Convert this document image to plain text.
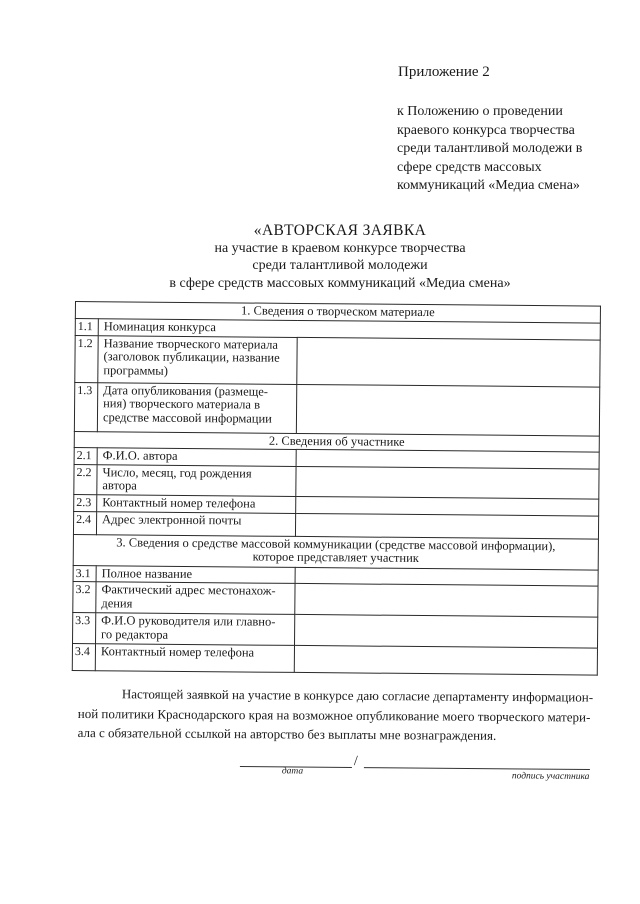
Приложение 2
к Положению о проведении
краевого конкурса творчества
среди талантливой молодежи в
сфере средств массовых
коммуникаций «Медиа смена»
«АВТОРСКАЯ ЗАЯВКА
на участие в краевом конкурсе творчества
среди талантливой молодежи
в сфере средств массовых коммуникаций «Медиа смена»
1. Сведения о творческом материале		
1.1	Номинация конкурса	

1.2	Название творческого материала
(заголовок публикации, название
программы)	

1.3	Дата опубликования (размеще-
ния) творческого материала в
средстве массовой информации	

2. Сведения об участнике		
2.1	Ф.И.О. автора	

2.2	Число, месяц, год рождения
автора	

2.3	Контактный номер телефона	

2.4	Адрес электронной почты	

3. Сведения о средстве массовой коммуникации (средстве массовой информации),
которое представляет участник		

3.1	Полное название	

3.2	Фактический адрес местонахож-
дения	

3.3	Ф.И.О руководителя или главно-
го редактора	

3.4	Контактный номер телефона	

Настоящей заявкой на участие в конкурсе даю согласие департаменту информацион-
ной политики Краснодарского края на возможное опубликование моего творческого матери-
ала с обязательной ссылкой на авторство без выплаты мне вознаграждения.
/
дата	подпись участника
